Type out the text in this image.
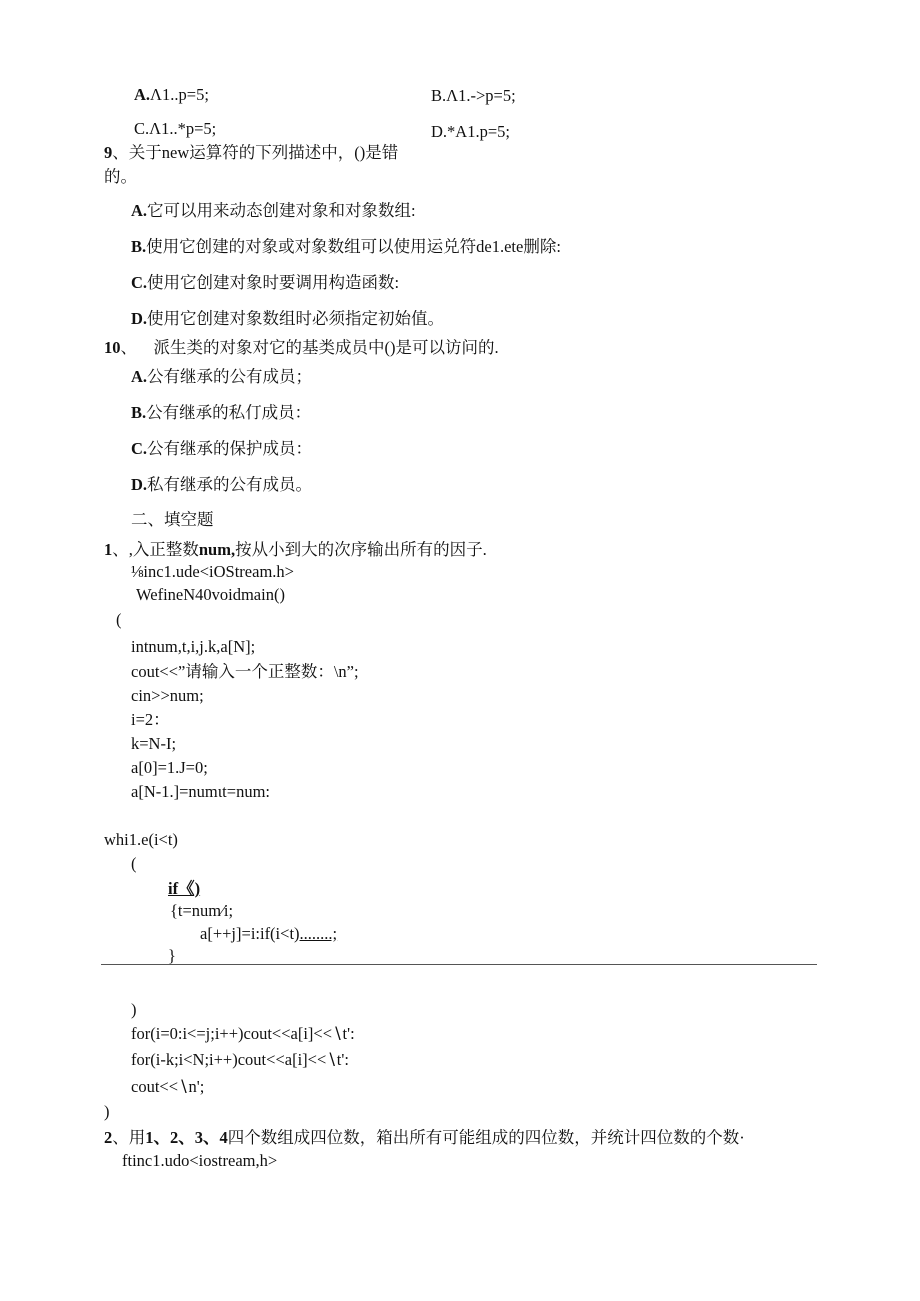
A.Λ1..p=5;	B.Λ1.->p=5;
C.Λ1..*p=5;	D.*A1.p=5;
9、关于new运算符的下列描述中，()是错
的。
A.它可以用来动态创建对象和对象数组:
B.使用它创建的对象或对象数组可以使用运兑符de1.ete删除:
C.使用它创建对象时要调用构造函数:
D.使用它创建对象数组时必须指定初始值。
10、    派生类的对象对它的基类成员中()是可以访问的.
A.公有继承的公有成员；
B.公有继承的私仃成员：
C.公有继承的保护成员：
D.私有继承的公有成员。
二、填空题
1、,入正整数num,按从小到大的次序输出所有的因子.
⅛inc1.ude<iOStream.h>
WefineN40voidmain()
(
intnum,t,i,j.k,a[N];
cout<<”请输入一个正整数：\n”;
cin>>num;
i=2：
k=N-I;
a[0]=1.J=0;
a[N-1.]=numιt=num:
whi1.e(i<t)
(
if《)
{t=num⁄i;
a[++j]=i:if(i<t)........;
}
)
for(i=0:i<=j;i++)cout<<a[i]<<∖t':
for(i-k;i<N;i++)cout<<a[i]<<∖t':
cout<<∖n';
)
2、用1、2、3、4四个数组成四位数，箱出所有可能组成的四位数，并统计四位数的个数·
ftinc1.udo<iostream,h>
